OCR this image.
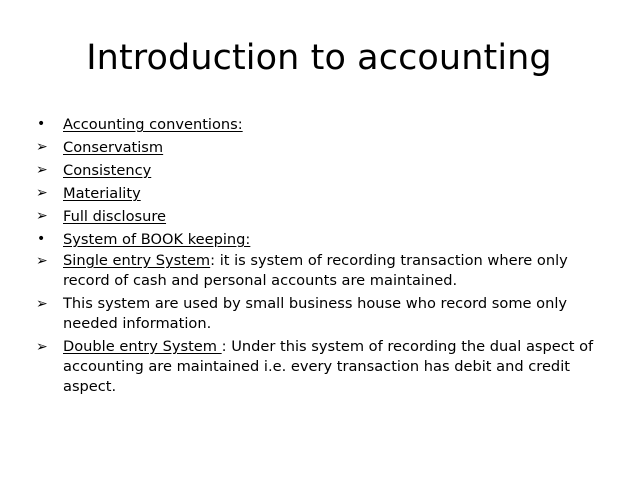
Introduction to accounting
•	Accounting conventions:
➢	Conservatism
➢	Consistency
➢	Materiality
➢	Full disclosure
•	System of BOOK keeping:
➢	Single entry System: it is system of recording transaction where only record of cash and personal accounts are maintained.
➢	This system are used by small business house who record some only needed information.
➢	Double entry System : Under this system of recording the dual aspect of accounting are maintained i.e. every transaction has debit and credit aspect.
